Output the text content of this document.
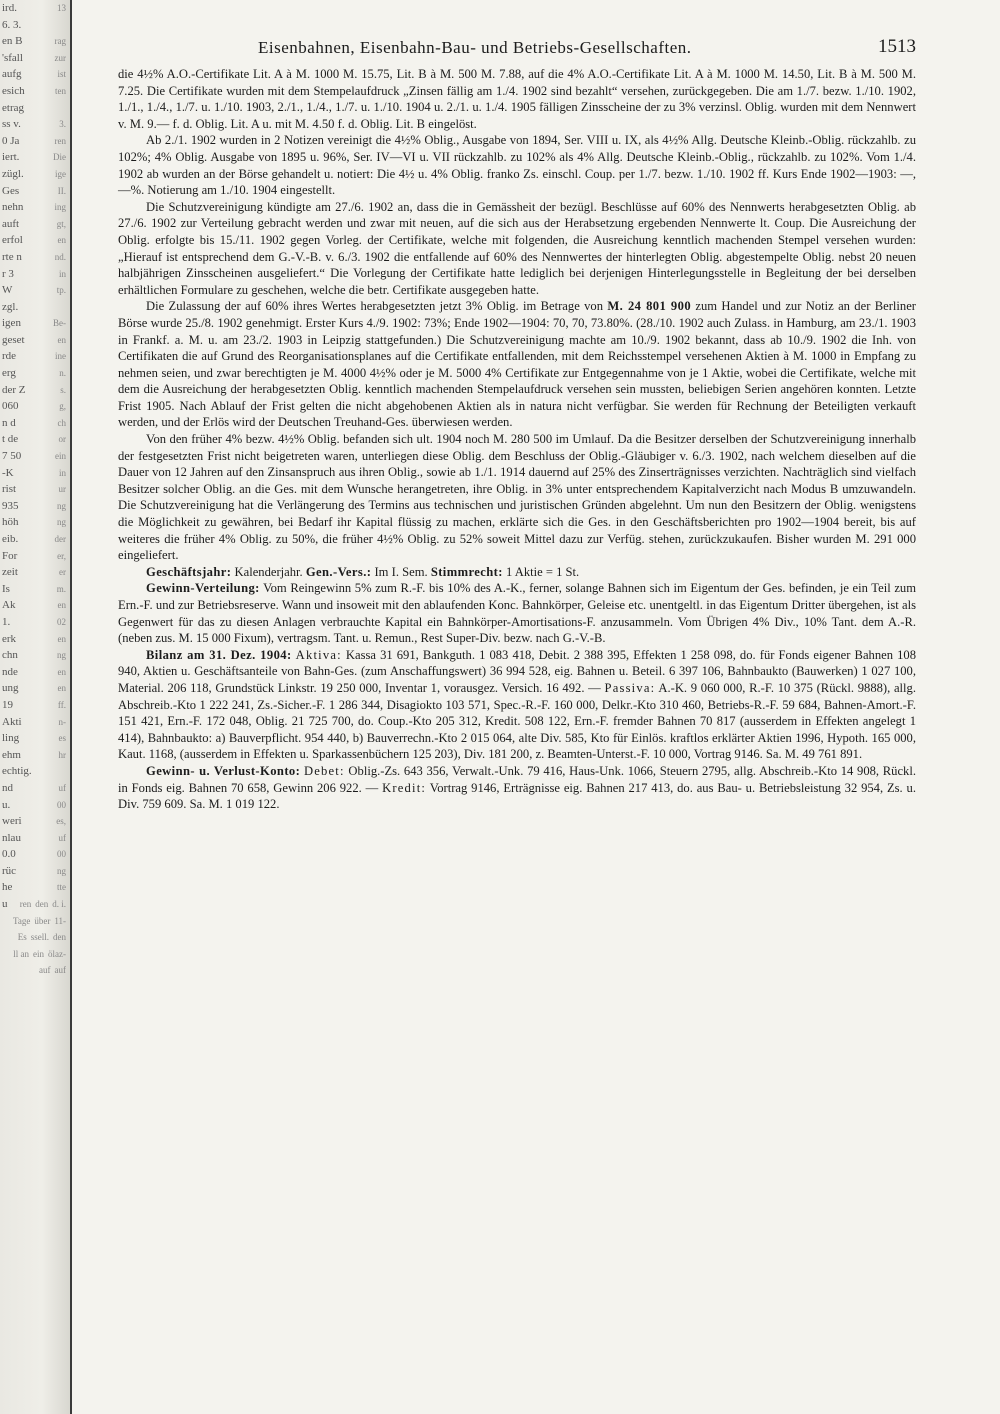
13
ird.
6. 3.
rag
en B
zur
'sfall
ist
aufg
ten
esich
etrag
3.
ss v.
ren
0 Ja
Die
iert.
ige
zügl.
II.
Ges
ing
nehn
gt,
auft
en
erfol
nd.
rte n
in
r 3
tp.
W
zgl.
Be-
igen
en
geset
ine
rde
n.
erg
s.
der Z
g,
060
ch
n d
or
t de
ein
7 50
in
-K
ur
rist
ng
935
ng
höh
der
eib.
er,
For
er
zeit
m.
Is
en
Ak
02
1.
en
erk
ng
chn
en
nde
en
ung
ff.
19
n-
Akti
es
ling
hr
ehm
echtig.
uf
nd
00
u.
es,
weri
uf
nlau
00
0.0
ng
rüc
tte
he
d. i.
den
ren
u
11-
über
Tage
den
ssell.
Es
ölaz-
ein
ll an
auf
auf
Eisenbahnen, Eisenbahn-Bau- und Betriebs-Gesellschaften.	1513

die 4½% A.O.-Certifikate Lit. A à M. 1000 M. 15.75, Lit. B à M. 500 M. 7.88, auf die 4% A.O.-Certifikate Lit. A à M. 1000 M. 14.50, Lit. B à M. 500 M. 7.25. Die Certifikate wurden mit dem Stempelaufdruck „Zinsen fällig am 1./4. 1902 sind bezahlt“ versehen, zurückgegeben. Die am 1./7. bezw. 1./10. 1902, 1./1., 1./4., 1./7. u. 1./10. 1903, 2./1., 1./4., 1./7. u. 1./10. 1904 u. 2./1. u. 1./4. 1905 fälligen Zinsscheine der zu 3% verzinsl. Oblig. wurden mit dem Nennwert v. M. 9.— f. d. Oblig. Lit. A u. mit M. 4.50 f. d. Oblig. Lit. B eingelöst.

Ab 2./1. 1902 wurden in 2 Notizen vereinigt die 4½% Oblig., Ausgabe von 1894, Ser. VIII u. IX, als 4½% Allg. Deutsche Kleinb.-Oblig. rückzahlb. zu 102%; 4% Oblig. Ausgabe von 1895 u. 96%, Ser. IV—VI u. VII rückzahlb. zu 102% als 4% Allg. Deutsche Kleinb.-Oblig., rückzahlb. zu 102%. Vom 1./4. 1902 ab wurden an der Börse gehandelt u. notiert: Die 4½ u. 4% Oblig. franko Zs. einschl. Coup. per 1./7. bezw. 1./10. 1902 ff. Kurs Ende 1902—1903: —, —%. Notierung am 1./10. 1904 eingestellt.

Die Schutzvereinigung kündigte am 27./6. 1902 an, dass die in Gemässheit der bezügl. Beschlüsse auf 60% des Nennwerts herabgesetzten Oblig. ab 27./6. 1902 zur Verteilung gebracht werden und zwar mit neuen, auf die sich aus der Herabsetzung ergebenden Nennwerte lt. Coup. Die Ausreichung der Oblig. erfolgte bis 15./11. 1902 gegen Vorleg. der Certifikate, welche mit folgenden, die Ausreichung kenntlich machenden Stempel versehen wurden: „Hierauf ist entsprechend dem G.-V.-B. v. 6./3. 1902 die entfallende auf 60% des Nennwertes der hinterlegten Oblig. abgestempelte Oblig. nebst 20 neuen halbjährigen Zinsscheinen ausgeliefert.“ Die Vorlegung der Certifikate hatte lediglich bei derjenigen Hinterlegungsstelle in Begleitung der bei derselben erhältlichen Formulare zu geschehen, welche die betr. Certifikate ausgegeben hatte.

Die Zulassung der auf 60% ihres Wertes herabgesetzten jetzt 3% Oblig. im Betrage von M. 24 801 900 zum Handel und zur Notiz an der Berliner Börse wurde 25./8. 1902 genehmigt. Erster Kurs 4./9. 1902: 73%; Ende 1902—1904: 70, 70, 73.80%. (28./10. 1902 auch Zulass. in Hamburg, am 23./1. 1903 in Frankf. a. M. u. am 23./2. 1903 in Leipzig stattgefunden.) Die Schutzvereinigung machte am 10./9. 1902 bekannt, dass ab 10./9. 1902 die Inh. von Certifikaten die auf Grund des Reorganisationsplanes auf die Certifikate entfallenden, mit dem Reichsstempel versehenen Aktien à M. 1000 in Empfang zu nehmen seien, und zwar berechtigten je M. 4000 4½% oder je M. 5000 4% Certifikate zur Entgegennahme von je 1 Aktie, wobei die Certifikate, welche mit dem die Ausreichung der herabgesetzten Oblig. kenntlich machenden Stempelaufdruck versehen sein mussten, beliebigen Serien angehören konnten. Letzte Frist 1905. Nach Ablauf der Frist gelten die nicht abgehobenen Aktien als in natura nicht verfügbar. Sie werden für Rechnung der Beteiligten verkauft werden, und der Erlös wird der Deutschen Treuhand-Ges. überwiesen werden.

Von den früher 4% bezw. 4½% Oblig. befanden sich ult. 1904 noch M. 280 500 im Umlauf. Da die Besitzer derselben der Schutzvereinigung innerhalb der festgesetzten Frist nicht beigetreten waren, unterliegen diese Oblig. dem Beschluss der Oblig.-Gläubiger v. 6./3. 1902, nach welchem dieselben auf die Dauer von 12 Jahren auf den Zinsanspruch aus ihren Oblig., sowie ab 1./1. 1914 dauernd auf 25% des Zinserträgnisses verzichten. Nachträglich sind vielfach Besitzer solcher Oblig. an die Ges. mit dem Wunsche herangetreten, ihre Oblig. in 3% unter entsprechendem Kapitalverzicht nach Modus B umzuwandeln. Die Schutzvereinigung hat die Verlängerung des Termins aus technischen und juristischen Gründen abgelehnt. Um nun den Besitzern der Oblig. wenigstens die Möglichkeit zu gewähren, bei Bedarf ihr Kapital flüssig zu machen, erklärte sich die Ges. in den Geschäftsberichten pro 1902—1904 bereit, bis auf weiteres die früher 4% Oblig. zu 50%, die früher 4½% Oblig. zu 52% soweit Mittel dazu zur Verfüg. stehen, zurückzukaufen. Bisher wurden M. 291 000 eingeliefert.

Geschäftsjahr: Kalenderjahr. Gen.-Vers.: Im I. Sem. Stimmrecht: 1 Aktie = 1 St.

Gewinn-Verteilung: Vom Reingewinn 5% zum R.-F. bis 10% des A.-K., ferner, solange Bahnen sich im Eigentum der Ges. befinden, je ein Teil zum Ern.-F. und zur Betriebsreserve. Wann und insoweit mit den ablaufenden Konc. Bahnkörper, Geleise etc. unentgeltl. in das Eigentum Dritter übergehen, ist als Gegenwert für das zu diesen Anlagen verbrauchte Kapital ein Bahnkörper-Amortisations-F. anzusammeln. Vom Übrigen 4% Div., 10% Tant. dem A.-R. (neben zus. M. 15 000 Fixum), vertragsm. Tant. u. Remun., Rest Super-Div. bezw. nach G.-V.-B.

Bilanz am 31. Dez. 1904: Aktiva: Kassa 31 691, Bankguth. 1 083 418, Debit. 2 388 395, Effekten 1 258 098, do. für Fonds eigener Bahnen 108 940, Aktien u. Geschäftsanteile von Bahn-Ges. (zum Anschaffungswert) 36 994 528, eig. Bahnen u. Beteil. 6 397 106, Bahnbaukto (Bauwerken) 1 027 100, Material. 206 118, Grundstück Linkstr. 19 250 000, Inventar 1, vorausgez. Versich. 16 492. — Passiva: A.-K. 9 060 000, R.-F. 10 375 (Rückl. 9888), allg. Abschreib.-Kto 1 222 241, Zs.-Sicher.-F. 1 286 344, Disagiokto 103 571, Spec.-R.-F. 160 000, Delkr.-Kto 310 460, Betriebs-R.-F. 59 684, Bahnen-Amort.-F. 151 421, Ern.-F. 172 048, Oblig. 21 725 700, do. Coup.-Kto 205 312, Kredit. 508 122, Ern.-F. fremder Bahnen 70 817 (ausserdem in Effekten angelegt 1 414), Bahnbaukto: a) Bauverpflicht. 954 440, b) Bauverrechn.-Kto 2 015 064, alte Div. 585, Kto für Einlös. kraftlos erklärter Aktien 1996, Hypoth. 165 000, Kaut. 1168, (ausserdem in Effekten u. Sparkassenbüchern 125 203), Div. 181 200, z. Beamten-Unterst.-F. 10 000, Vortrag 9146. Sa. M. 49 761 891.

Gewinn- u. Verlust-Konto: Debet: Oblig.-Zs. 643 356, Verwalt.-Unk. 79 416, Haus-Unk. 1066, Steuern 2795, allg. Abschreib.-Kto 14 908, Rückl. in Fonds eig. Bahnen 70 658, Gewinn 206 922. — Kredit: Vortrag 9146, Erträgnisse eig. Bahnen 217 413, do. aus Bau- u. Betriebsleistung 32 954, Zs. u. Div. 759 609. Sa. M. 1 019 122.
